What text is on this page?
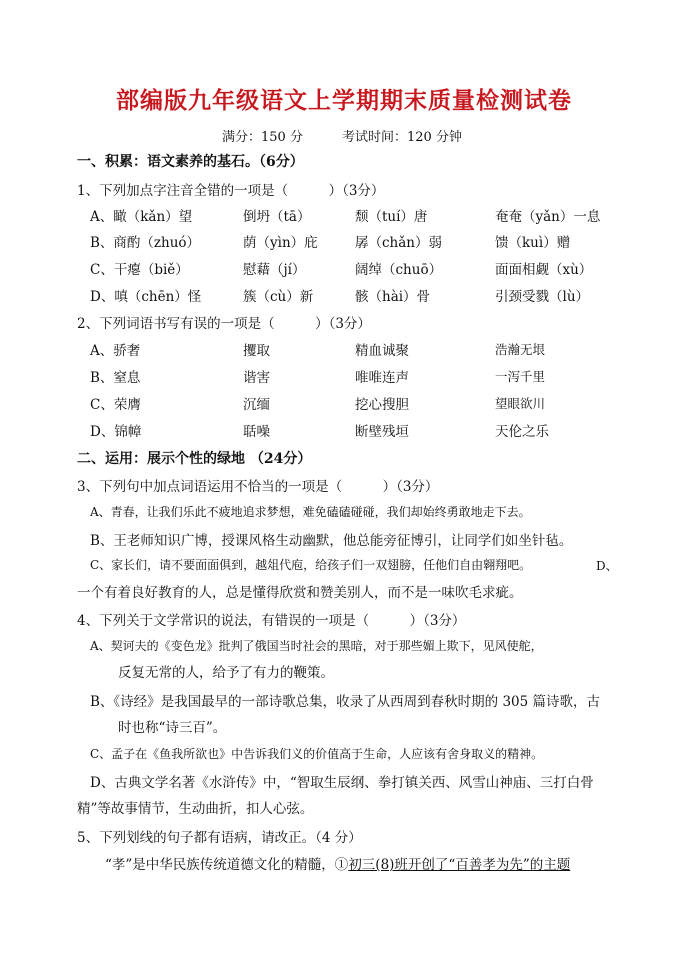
部编版九年级语文上学期期末质量检测试卷
满分：150 分	考试时间：120 分钟
一、积累：语文素养的基石。（6分）
1、下列加点字注音全错的一项是（　　　）（3分）
A、瞰（kǎn）望	倒坍（tā）	颓（tuí）唐	奄奄（yǎn）一息
B、商酌（zhuó）	荫（yìn）庇	孱（chǎn）弱	馈（kuì）赠
C、干瘪（biě）	慰藉（jí）	阔绰（chuō）	面面相觑（xù）
D、嗔（chēn）怪	簇（cù）新	骸（hài）骨	引颈受戮（lù）
2、下列词语书写有误的一项是（　　　）（3分）
A、骄奢	攫取	精血诚聚	浩瀚无垠
B、窒息	谐害	唯唯连声	一泻千里
C、荣膺	沉缅	挖心搜胆	望眼欲川
D、锦幛	聒噪	断壁残垣	天伦之乐
二、运用：展示个性的绿地 （24分）
3、下列句中加点词语运用不恰当的一项是（　　　）（3分）
A、青春，让我们乐此不疲地追求梦想，难免磕磕碰碰，我们却始终勇敢地走下去。
B、王老师知识广博，授课风格生动幽默，他总能旁征博引，让同学们如坐针毡。
C、家长们，请不要面面俱到，越俎代庖，给孩子们一双翅膀，任他们自由翱翔吧。	D、
一个有着良好教育的人，总是懂得欣赏和赞美别人，而不是一味吹毛求疵。
4、下列关于文学常识的说法，有错误的一项是（　　　）（3分）
A、契诃夫的《变色龙》批判了俄国当时社会的黑暗，对于那些媚上欺下，见风使舵，
反复无常的人，给予了有力的鞭策。
B、《诗经》是我国最早的一部诗歌总集，收录了从西周到春秋时期的 305 篇诗歌，古
时也称“诗三百”。
C、孟子在《鱼我所欲也》中告诉我们义的价值高于生命，人应该有舍身取义的精神。
D、古典文学名著《水浒传》中，“智取生辰纲、拳打镇关西、风雪山神庙、三打白骨
精”等故事情节，生动曲折，扣人心弦。
5、下列划线的句子都有语病，请改正。（4 分）
“孝”是中华民族传统道德文化的精髓，①初三(8)班开创了“百善孝为先”的主题
